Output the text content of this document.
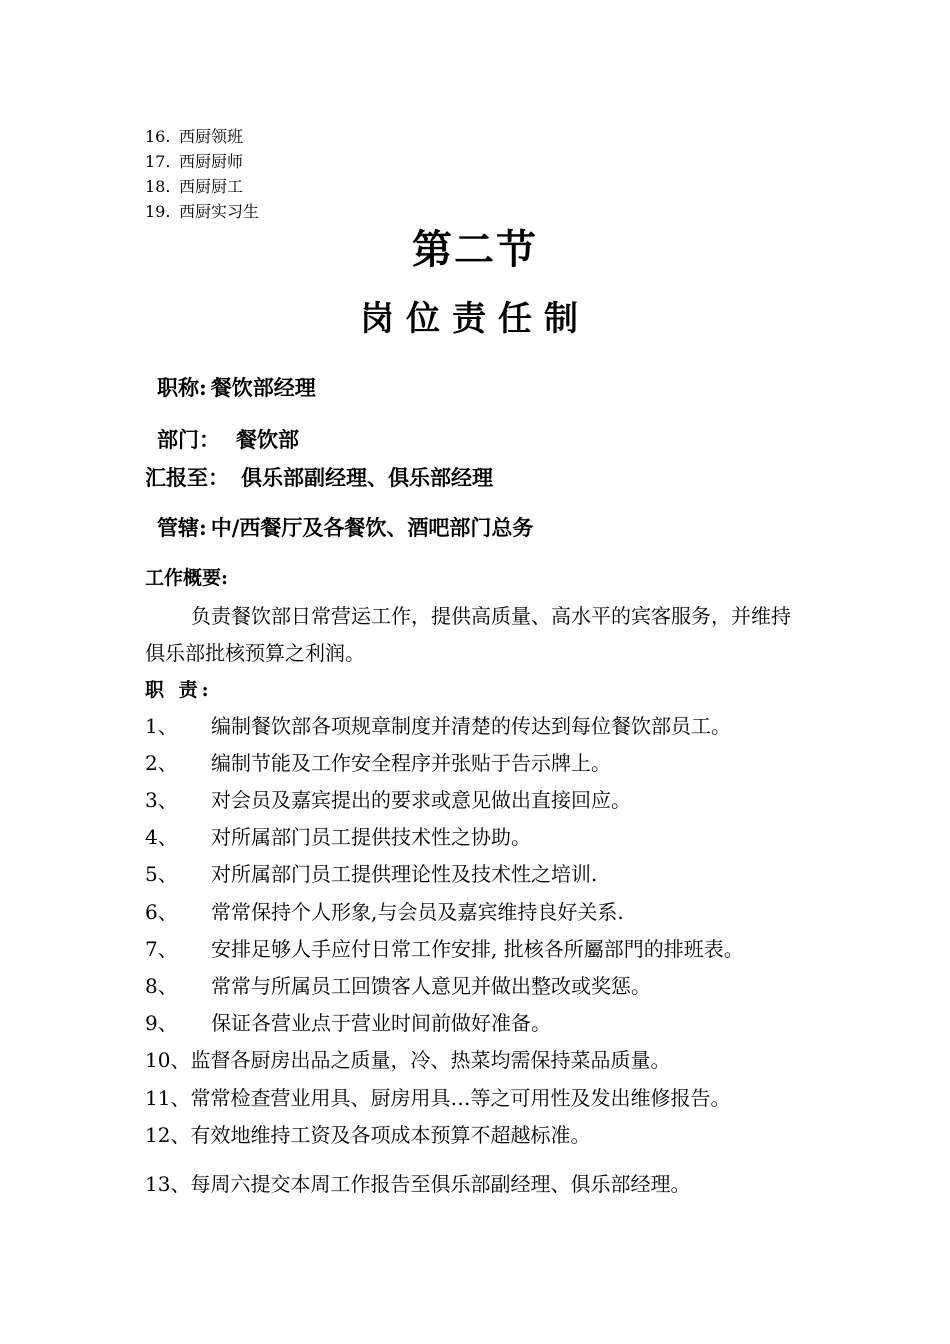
16. 西厨领班
17. 西厨厨师
18. 西厨厨工
19. 西厨实习生
第二节
岗位责任制
职称: 餐饮部经理
部门： 餐饮部
汇报至： 俱乐部副经理、俱乐部经理
管辖: 中/西餐厅及各餐饮、酒吧部门总务
工作概要:

负责餐饮部日常营运工作，提供高质量、高水平的宾客服务，并维持俱乐部批核预算之利润。

职 责:
1、 编制餐饮部各项规章制度并清楚的传达到每位餐饮部员工。
2、 编制节能及工作安全程序并张贴于告示牌上。
3、 对会员及嘉宾提出的要求或意见做出直接回应。
4、 对所属部门员工提供技术性之协助。
5、 对所属部门员工提供理论性及技术性之培训.
6、 常常保持个人形象,与会员及嘉宾维持良好关系.
7、 安排足够人手应付日常工作安排, 批核各所屬部門的排班表。
8、 常常与所属员工回馈客人意见并做出整改或奖惩。
9、 保证各营业点于营业时间前做好准备。
10、监督各厨房出品之质量，冷、热菜均需保持菜品质量。
11、常常检查营业用具、厨房用具…等之可用性及发出维修报告。
12、有效地维持工资及各项成本预算不超越标准。
13、每周六提交本周工作报告至俱乐部副经理、俱乐部经理。
